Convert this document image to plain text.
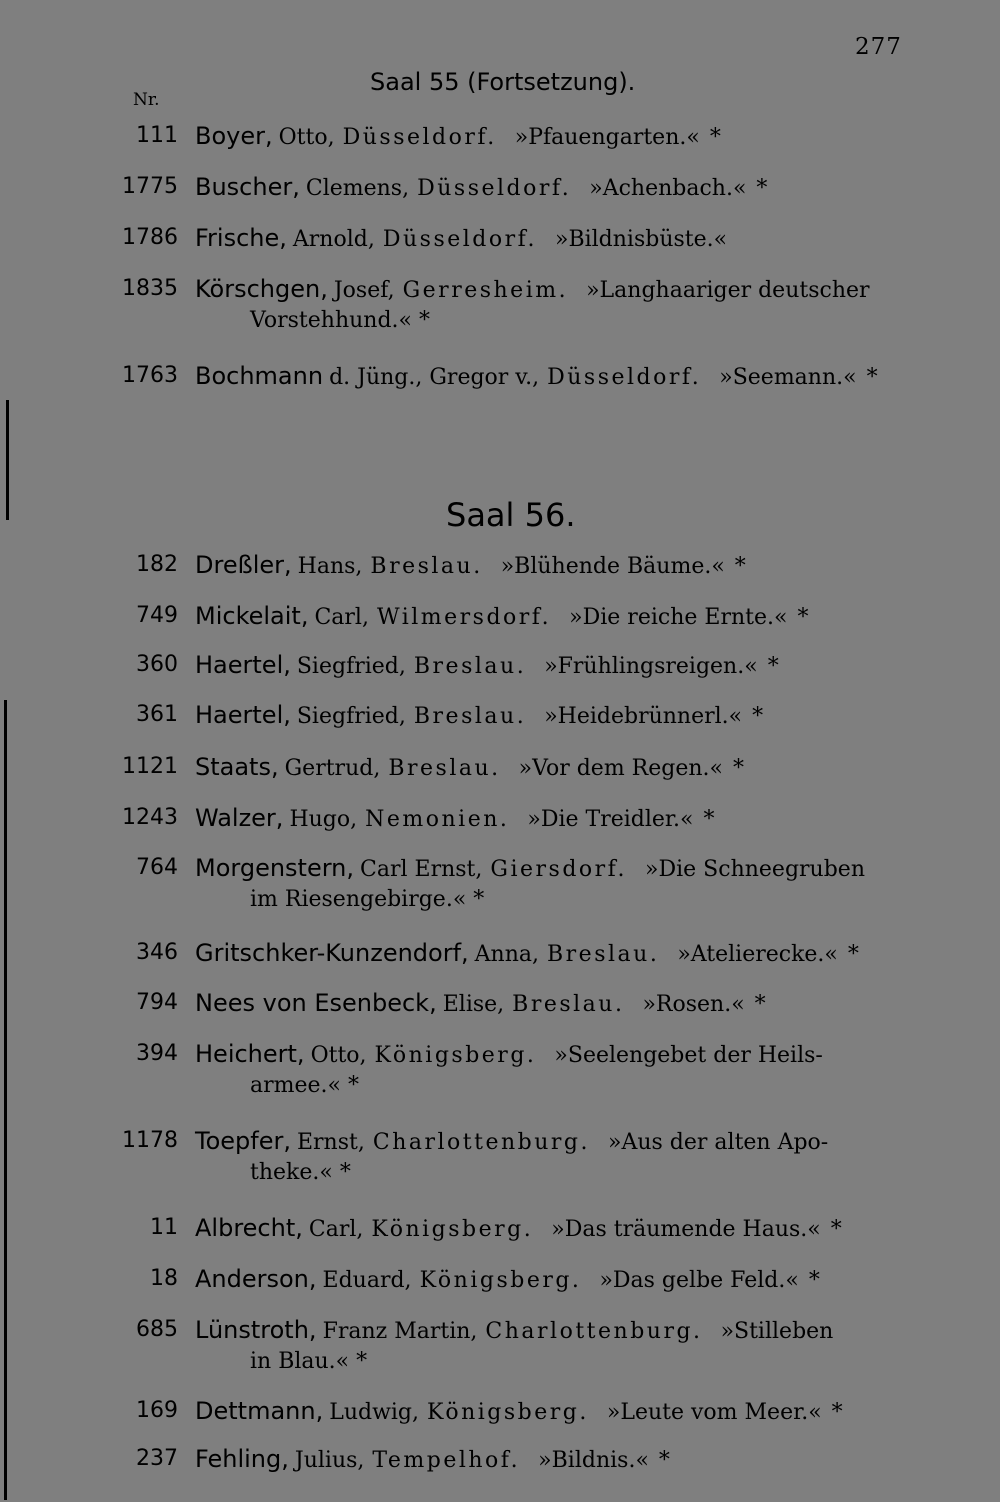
277
Nr.
Saal 55 (Fortsetzung).
Saal 56.
111 Boyer, Otto, Düsseldorf. »Pfauengarten.« *
1775 Buscher, Clemens, Düsseldorf. »Achenbach.« *
1786 Frische, Arnold, Düsseldorf. »Bildnisbüste.«
1835 Körschgen, Josef, Gerresheim. »Langhaariger deutscher
Vorstehhund.« *
1763 Bochmann d. Jüng., Gregor v., Düsseldorf. »Seemann.« *
182 Dreßler, Hans, Breslau. »Blühende Bäume.« *
749 Mickelait, Carl, Wilmersdorf. »Die reiche Ernte.« *
360 Haertel, Siegfried, Breslau. »Frühlingsreigen.« *
361 Haertel, Siegfried, Breslau. »Heidebrünnerl.« *
1121 Staats, Gertrud, Breslau. »Vor dem Regen.« *
1243 Walzer, Hugo, Nemonien. »Die Treidler.« *
764 Morgenstern, Carl Ernst, Giersdorf. »Die Schneegruben
im Riesengebirge.« *
346 Gritschker-Kunzendorf, Anna, Breslau. »Atelierecke.« *
794 Nees von Esenbeck, Elise, Breslau. »Rosen.« *
394 Heichert, Otto, Königsberg. »Seelengebet der Heils-
armee.« *
1178 Toepfer, Ernst, Charlottenburg. »Aus der alten Apo-
theke.« *
11 Albrecht, Carl, Königsberg. »Das träumende Haus.« *
18 Anderson, Eduard, Königsberg. »Das gelbe Feld.« *
685 Lünstroth, Franz Martin, Charlottenburg. »Stilleben
in Blau.« *
169 Dettmann, Ludwig, Königsberg. »Leute vom Meer.« *
237 Fehling, Julius, Tempelhof. »Bildnis.« *
